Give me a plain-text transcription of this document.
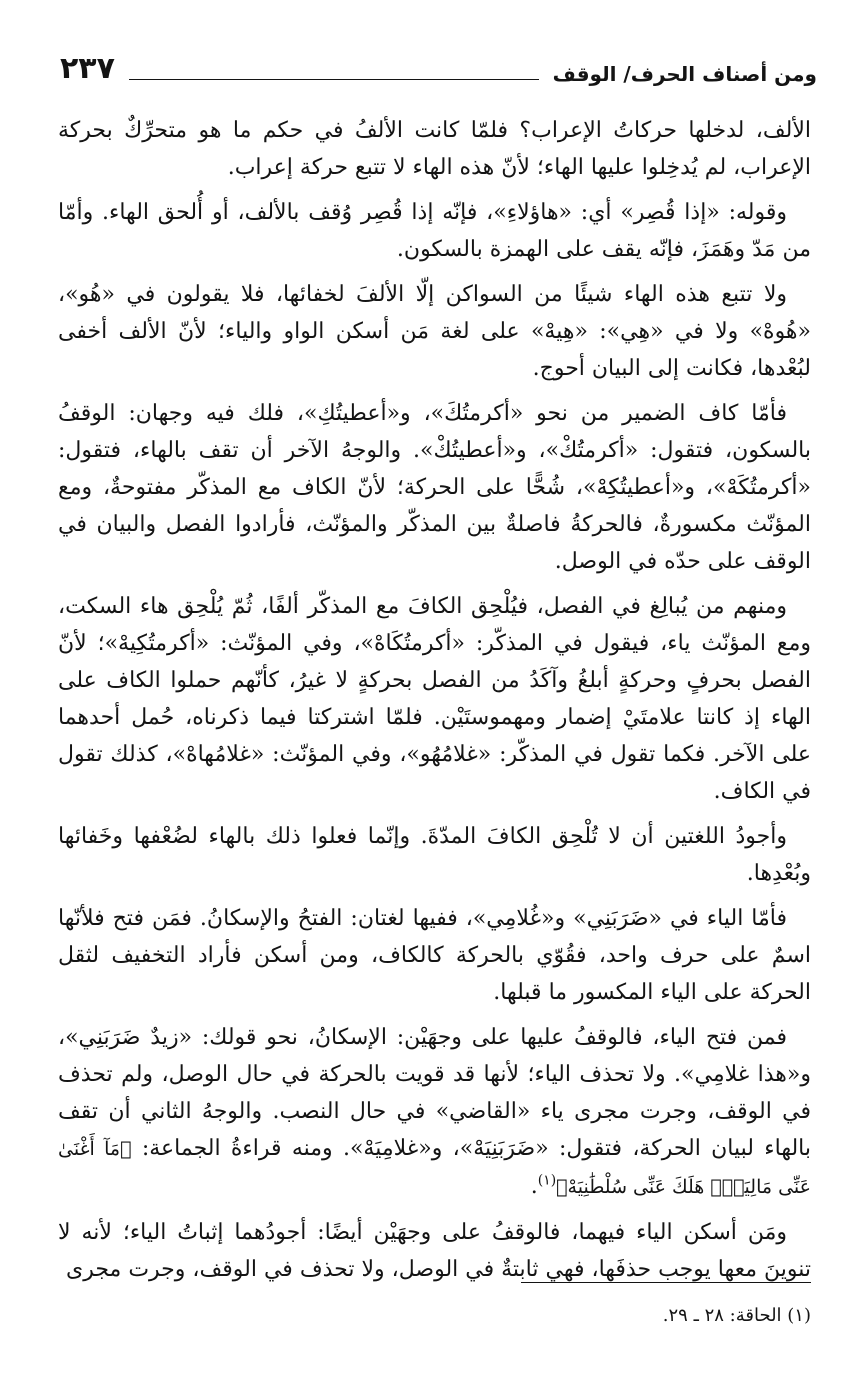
ومن أصناف الحرف/ الوقف
٢٣٧

الألف، لدخلها حركاتُ الإعراب؟ فلمّا كانت الألفُ في حكم ما هو متحرِّكٌ بحركة الإعراب، لم يُدخِلوا عليها الهاء؛ لأنّ هذه الهاء لا تتبع حركة إعراب.

وقوله: «إذا قُصِر» أي: «هاؤلاءِ»، فإنّه إذا قُصِر وُقف بالألف، أو أُلحق الهاء. وأمّا من مَدّ وهَمَزَ، فإنّه يقف على الهمزة بالسكون.

ولا تتبع هذه الهاء شيئًا من السواكن إلّا الألفَ لخفائها، فلا يقولون في «هُو»، «هُوهْ» ولا في «هِي»: «هِيهْ» على لغة مَن أسكن الواو والياء؛ لأنّ الألف أخفى لبُعْدها، فكانت إلى البيان أحوج.

فأمّا كاف الضمير من نحو «أكرمتُكَ»، و«أعطيتُكِ»، فلك فيه وجهان: الوقفُ بالسكون، فتقول: «أكرمتُكْ»، و«أعطيتُكْ». والوجهُ الآخر أن تقف بالهاء، فتقول: «أكرمتُكَهْ»، و«أعطيتُكِهْ»، شُحًّا على الحركة؛ لأنّ الكاف مع المذكّر مفتوحةٌ، ومع المؤنّث مكسورةٌ، فالحركةُ فاصلةٌ بين المذكّر والمؤنّث، فأرادوا الفصل والبيان في الوقف على حدّه في الوصل.

ومنهم من يُبالِغ في الفصل، فيُلْحِق الكافَ مع المذكّر ألفًا، ثُمّ يُلْحِق هاء السكت، ومع المؤنّث ياء، فيقول في المذكّر: «أكرمتُكَاهْ»، وفي المؤنّث: «أكرمتُكِيهْ»؛ لأنّ الفصل بحرفٍ وحركةٍ أبلغُ وآكَدُ من الفصل بحركةٍ لا غيرُ، كأنّهم حملوا الكاف على الهاء إذ كانتا علامتَيْ إضمار ومهموستَيْن. فلمّا اشتركتا فيما ذكرناه، حُمل أحدهما على الآخر. فكما تقول في المذكّر: «غلامُهُو»، وفي المؤنّث: «غلامُهاهْ»، كذلك تقول في الكاف.

وأجودُ اللغتين أن لا تُلْحِق الكافَ المدّةَ. وإنّما فعلوا ذلك بالهاء لضُعْفها وخَفائها وبُعْدِها.

فأمّا الياء في «ضَرَبَنِي» و«غُلامِي»، ففيها لغتان: الفتحُ والإسكانُ. فمَن فتح فلأنّها اسمٌ على حرف واحد، فقُوّي بالحركة كالكاف، ومن أسكن فأراد التخفيف لثقل الحركة على الياء المكسور ما قبلها.

فمن فتح الياء، فالوقفُ عليها على وجهَيْن: الإسكانُ، نحو قولك: «زيدٌ ضَرَبَنِي»، و«هذا غلامِي». ولا تحذف الياء؛ لأنها قد قويت بالحركة في حال الوصل، ولم تحذف في الوقف، وجرت مجرى ياء «القاضي» في حال النصب. والوجهُ الثاني أن تقف بالهاء لبيان الحركة، فتقول: «ضَرَبَنِيَهْ»، و«غلامِيَهْ». ومنه قراءةُ الجماعة: ﴿مَآ أَغْنَىٰ عَنِّى مَالِيَهْۜ هَلَكَ عَنِّى سُلْطَٰنِيَهْ﴾$^{(١)}$.

ومَن أسكن الياء فيهما، فالوقفُ على وجهَيْن أيضًا: أجودُهما إثباتُ الياء؛ لأنه لا تنوينَ معها يوجب حذفَها، فهي ثابتةٌ في الوصل، ولا تحذف في الوقف، وجرت مجرى

(١) الحاقة: ٢٨ ـ ٢٩.
